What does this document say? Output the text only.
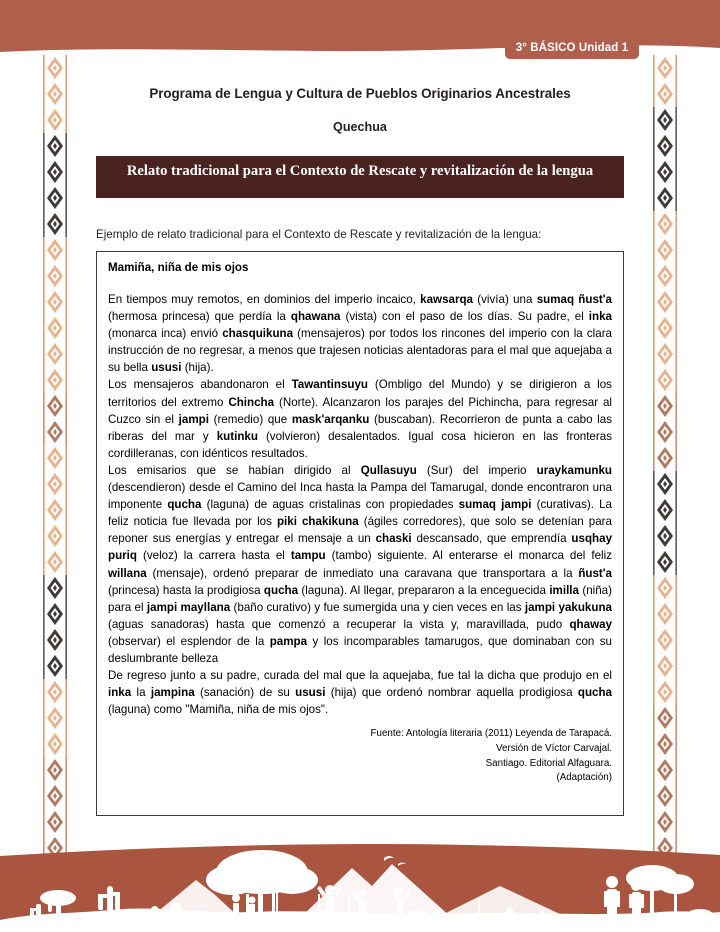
3° BÁSICO Unidad 1
Programa de Lengua y Cultura de Pueblos Originarios Ancestrales
Quechua
Relato tradicional para el Contexto de Rescate y revitalización de la lengua
Ejemplo de relato tradicional para el Contexto de Rescate y revitalización de la lengua:
Mamiña, niña de mis ojos

En tiempos muy remotos, en dominios del imperio incaico, kawsarqa (vivía) una sumaq ñust'a (hermosa princesa) que perdía la qhawana (vista) con el paso de los días. Su padre, el inka (monarca inca) envió chasquikuna (mensajeros) por todos los rincones del imperio con la clara instrucción de no regresar, a menos que trajesen noticias alentadoras para el mal que aquejaba a su bella ususi (hija).

Los mensajeros abandonaron el Tawantinsuyu (Ombligo del Mundo) y se dirigieron a los territorios del extremo Chincha (Norte). Alcanzaron los parajes del Pichincha, para regresar al Cuzco sin el jampi (remedio) que mask'arqanku (buscaban). Recorrieron de punta a cabo las riberas del mar y kutinku (volvieron) desalentados. Igual cosa hicieron en las fronteras cordilleranas, con idénticos resultados.

Los emisarios que se habían dirigido al Qullasuyu (Sur) del imperio uraykamunku (descendieron) desde el Camino del Inca hasta la Pampa del Tamarugal, donde encontraron una imponente qucha (laguna) de aguas cristalinas con propiedades sumaq jampi (curativas). La feliz noticia fue llevada por los piki chakikuna (ágiles corredores), que solo se detenían para reponer sus energías y entregar el mensaje a un chaski descansado, que emprendía usqhay puriq (veloz) la carrera hasta el tampu (tambo) siguiente. Al enterarse el monarca del feliz willana (mensaje), ordenó preparar de inmediato una caravana que transportara a la ñust'a (princesa) hasta la prodigiosa qucha (laguna). Al llegar, prepararon a la enceguecida imilla (niña) para el jampi mayllana (baño curativo) y fue sumergida una y cien veces en las jampi yakukuna (aguas sanadoras) hasta que comenzó a recuperar la vista y, maravillada, pudo qhaway (observar) el esplendor de la pampa y los incomparables tamarugos, que dominaban con su deslumbrante belleza

De regreso junto a su padre, curada del mal que la aquejaba, fue tal la dicha que produjo en el inka la jampina (sanación) de su ususi (hija) que ordenó nombrar aquella prodigiosa qucha (laguna) como "Mamiña, niña de mis ojos".

Fuente: Antología literaria (2011) Leyenda de Tarapacá.
Versión de Víctor Carvajal.
Santiago. Editorial Alfaguara.
(Adaptación)
